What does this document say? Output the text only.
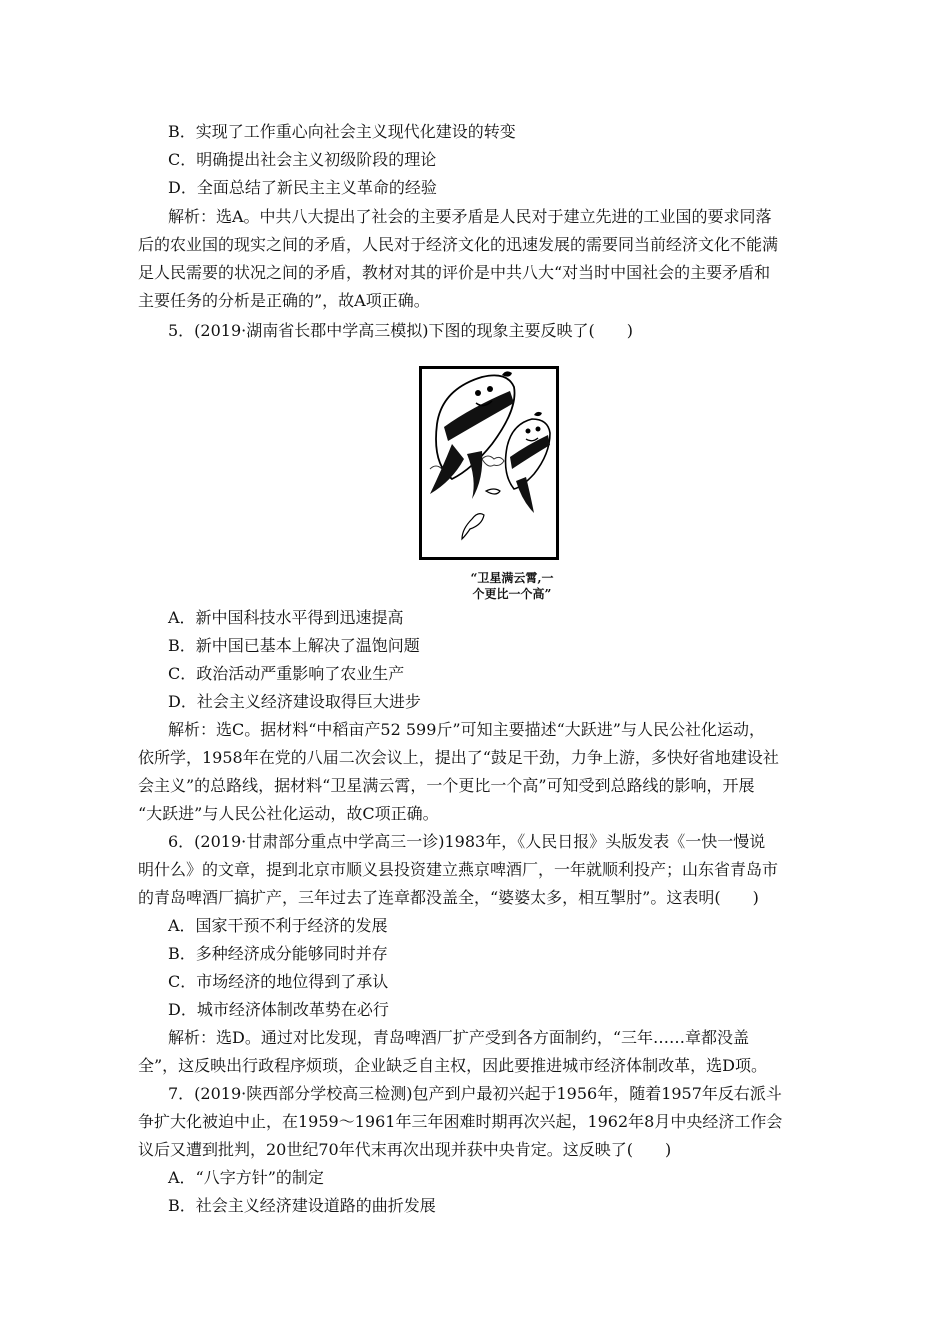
B．实现了工作重心向社会主义现代化建设的转变
C．明确提出社会主义初级阶段的理论
D．全面总结了新民主主义革命的经验
解析：选A。中共八大提出了社会的主要矛盾是人民对于建立先进的工业国的要求同落
后的农业国的现实之间的矛盾，人民对于经济文化的迅速发展的需要同当前经济文化不能满
足人民需要的状况之间的矛盾，教材对其的评价是中共八大“对当时中国社会的主要矛盾和
主要任务的分析是正确的”，故A项正确。
5．(2019·湖南省长郡中学高三模拟)下图的现象主要反映了(　　)
“卫星满云霄,一
个更比一个高”
A．新中国科技水平得到迅速提高
B．新中国已基本上解决了温饱问题
C．政治活动严重影响了农业生产
D．社会主义经济建设取得巨大进步
解析：选C。据材料“中稻亩产52 599斤”可知主要描述“大跃进”与人民公社化运动，
依所学，1958年在党的八届二次会议上，提出了“鼓足干劲，力争上游，多快好省地建设社
会主义”的总路线，据材料“卫星满云霄，一个更比一个高”可知受到总路线的影响，开展
“大跃进”与人民公社化运动，故C项正确。
6．(2019·甘肃部分重点中学高三一诊)1983年，《人民日报》头版发表《一快一慢说
明什么》的文章，提到北京市顺义县投资建立燕京啤酒厂，一年就顺利投产；山东省青岛市
的青岛啤酒厂搞扩产，三年过去了连章都没盖全，“婆婆太多，相互掣肘”。这表明(　　)
A．国家干预不利于经济的发展
B．多种经济成分能够同时并存
C．市场经济的地位得到了承认
D．城市经济体制改革势在必行
解析：选D。通过对比发现，青岛啤酒厂扩产受到各方面制约，“三年……章都没盖
全”，这反映出行政程序烦琐，企业缺乏自主权，因此要推进城市经济体制改革，选D项。
7．(2019·陕西部分学校高三检测)包产到户最初兴起于1956年，随着1957年反右派斗
争扩大化被迫中止，在1959～1961年三年困难时期再次兴起，1962年8月中央经济工作会
议后又遭到批判，20世纪70年代末再次出现并获中央肯定。这反映了(　　)
A．“八字方针”的制定
B．社会主义经济建设道路的曲折发展
